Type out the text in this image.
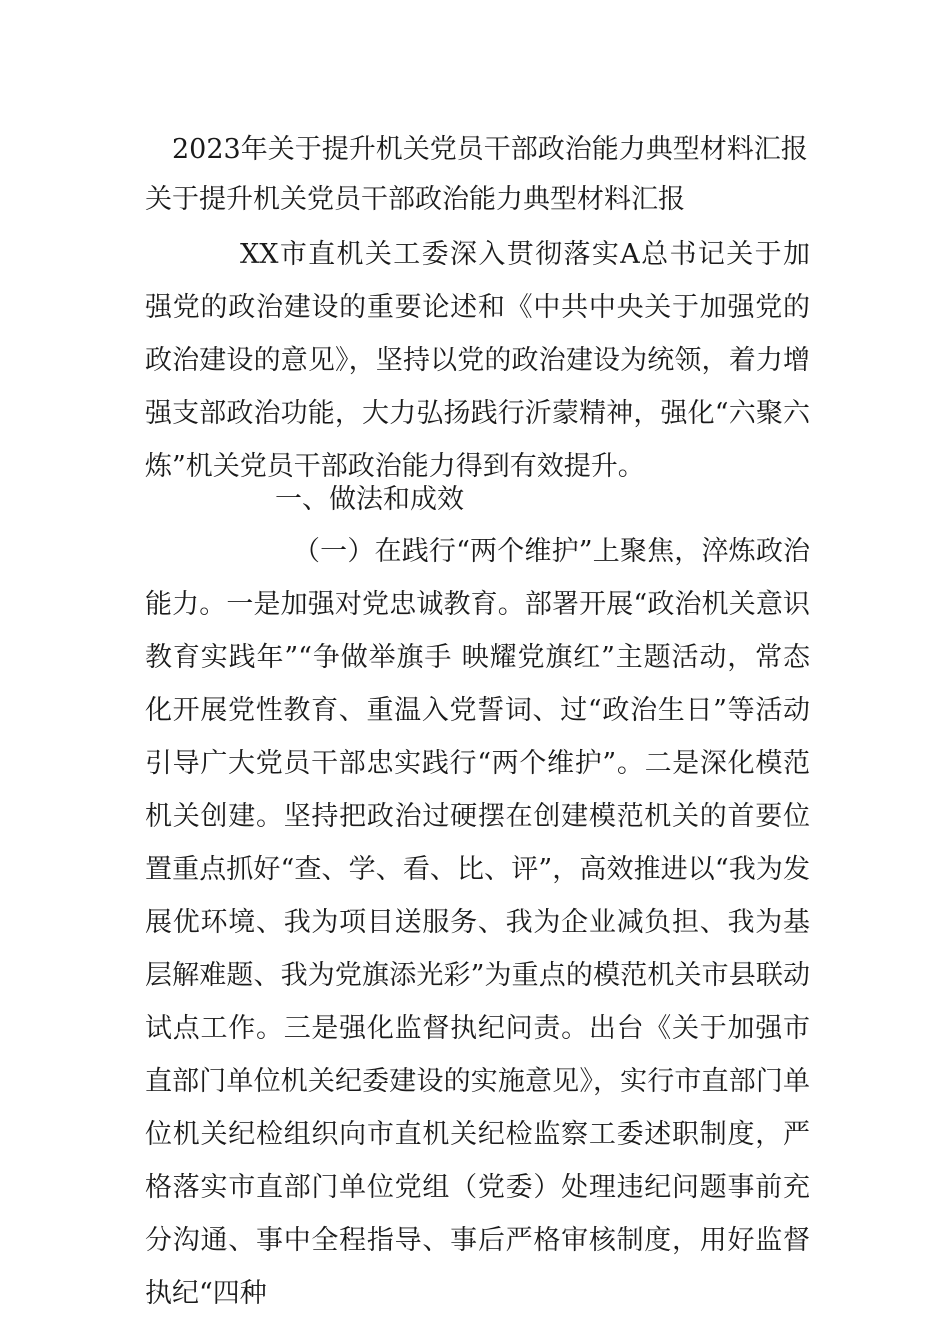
2023年关于提升机关党员干部政治能力典型材料汇报
关于提升机关党员干部政治能力典型材料汇报

XX市直机关工委深入贯彻落实A总书记关于加强党的政治建设的重要论述和《中共中央关于加强党的政治建设的意见》，坚持以党的政治建设为统领，着力增强支部政治功能，大力弘扬践行沂蒙精神，强化“六聚六炼”机关党员干部政治能力得到有效提升。

一、做法和成效

（一）在践行“两个维护”上聚焦，淬炼政治能力。一是加强对党忠诚教育。部署开展“政治机关意识教育实践年”“争做举旗手 映耀党旗红”主题活动，常态化开展党性教育、重温入党誓词、过“政治生日”等活动引导广大党员干部忠实践行“两个维护”。二是深化模范机关创建。坚持把政治过硬摆在创建模范机关的首要位置重点抓好“查、学、看、比、评”，高效推进以“我为发展优环境、我为项目送服务、我为企业减负担、我为基层解难题、我为党旗添光彩”为重点的模范机关市县联动试点工作。三是强化监督执纪问责。出台《关于加强市直部门单位机关纪委建设的实施意见》，实行市直部门单位机关纪检组织向市直机关纪检监察工委述职制度，严格落实市直部门单位党组（党委）处理违纪问题事前充分沟通、事中全程指导、事后严格审核制度，用好监督执纪“四种
